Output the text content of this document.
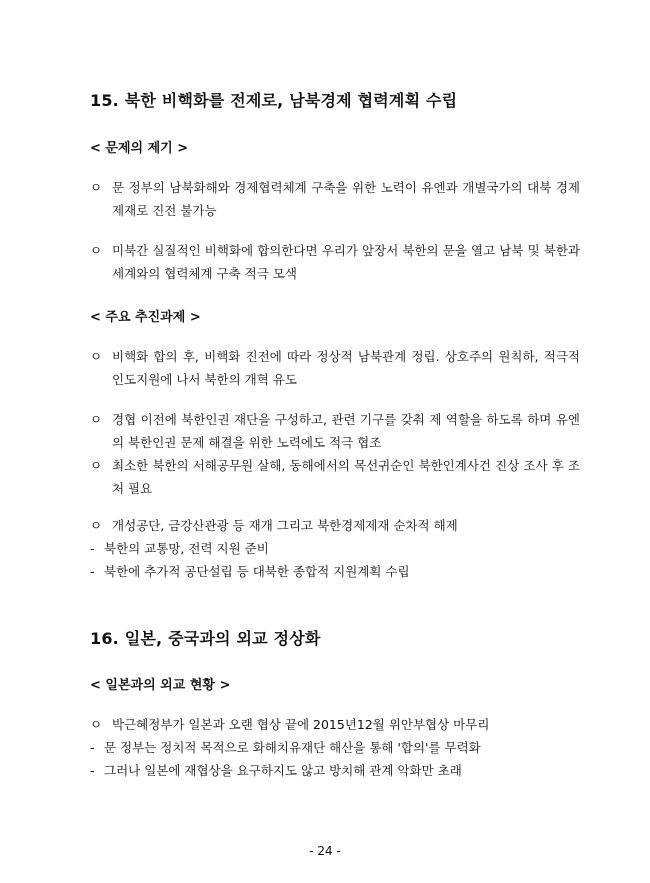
15. 북한 비핵화를 전제로, 남북경제 협력계획 수립
< 문제의 제기 >
ㅇ 문 정부의 남북화해와 경제협력체계 구축을 위한 노력이 유엔과 개별국가의 대북 경제제재로 진전 불가능
ㅇ 미북간 실질적인 비핵화에 합의한다면 우리가 앞장서 북한의 문을 열고 남북 및 북한과 세계와의 협력체계 구축 적극 모색
< 주요 추진과제 >
ㅇ 비핵화 합의 후, 비핵화 진전에 따라 정상적 남북관계 정립. 상호주의 원칙하, 적극적 인도지원에 나서 북한의 개혁 유도
ㅇ 경협 이전에 북한인권 재단을 구성하고, 관련 기구를 갖춰 제 역할을 하도록 하며 유엔의 북한인권 문제 해결을 위한 노력에도 적극 협조
ㅇ 최소한 북한의 서해공무원 살해, 동해에서의 목선귀순인 북한인계사건 진상 조사 후 조처 필요
ㅇ 개성공단, 금강산관광 등 재개 그리고 북한경제제재 순차적 해제
- 북한의 교통망, 전력 지원 준비
- 북한에 추가적 공단설립 등 대북한 종합적 지원계획 수립
16. 일본, 중국과의 외교 정상화
< 일본과의 외교 현황 >
ㅇ 박근혜정부가 일본과 오랜 협상 끝에 2015년12월 위안부협상 마무리
- 문 정부는 정치적 목적으로 화해치유재단 해산을 통해 '합의'를 무력화
- 그러나 일본에 재협상을 요구하지도 않고 방치해 관계 악화만 초래
- 24 -
